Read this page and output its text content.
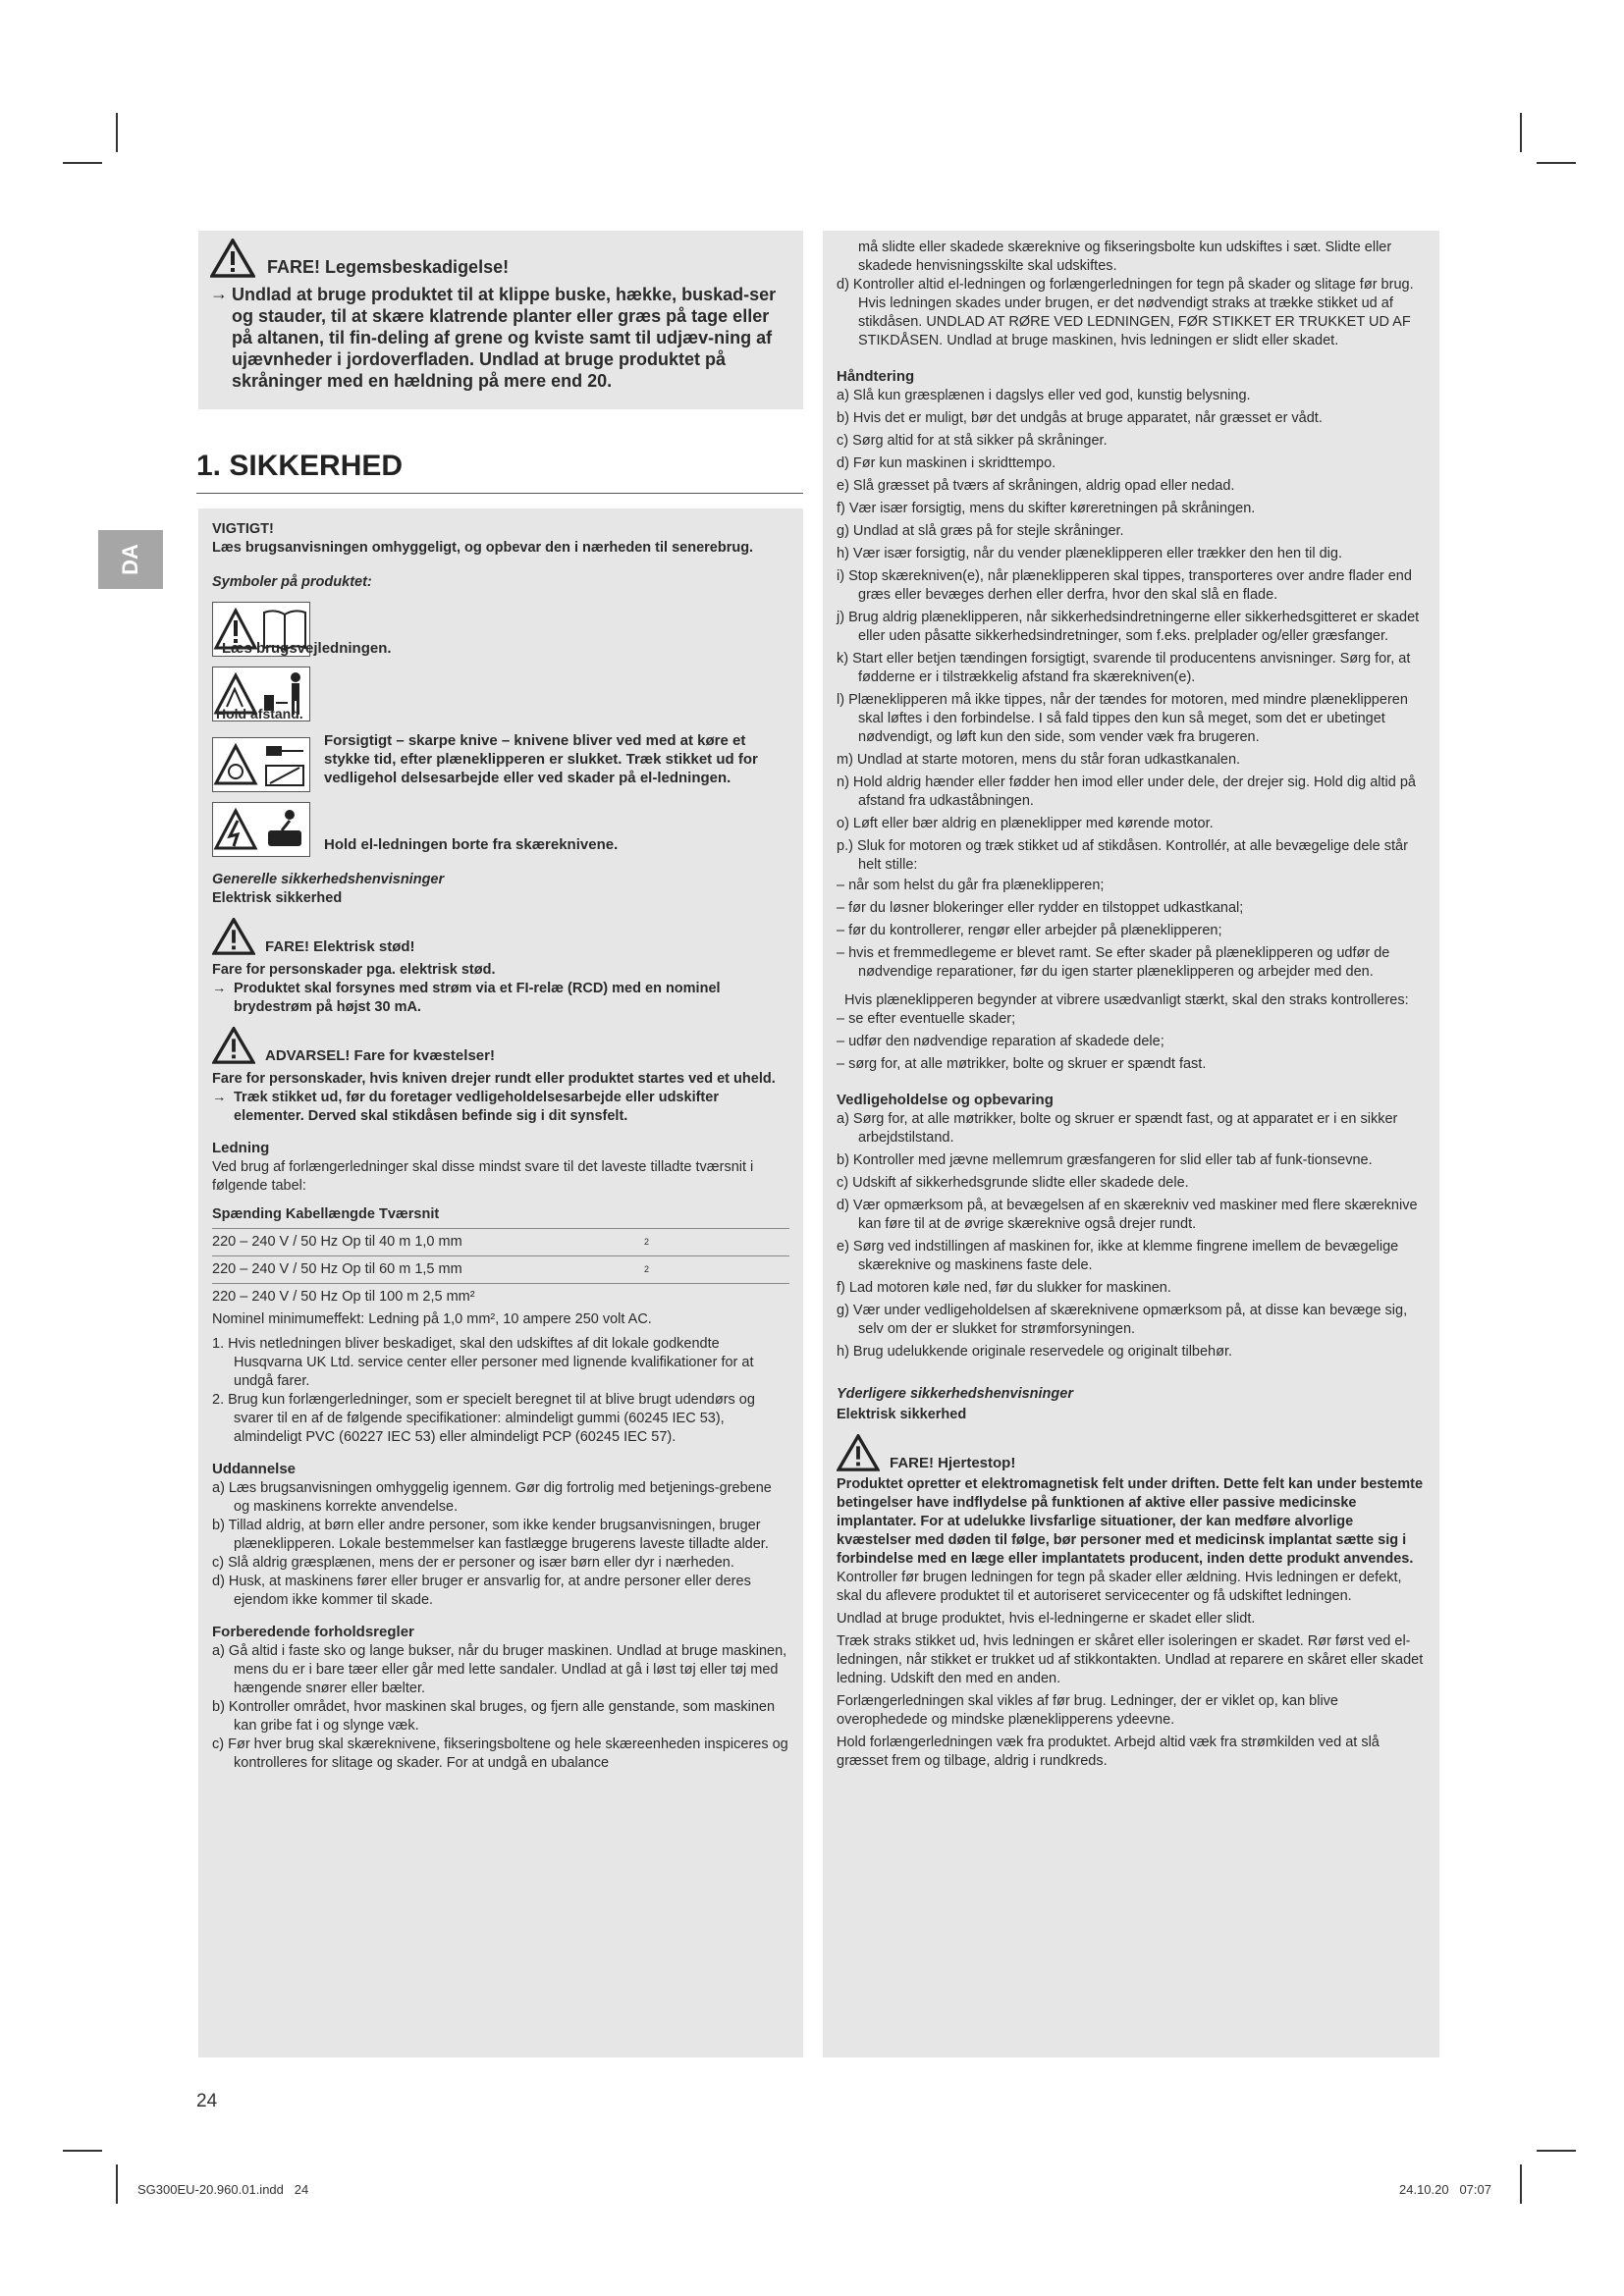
DA
FARE! Legemsbeskadigelse!
→ Undlad at bruge produktet til at klippe buske, hække, buskad-ser og stauder, til at skære klatrende planter eller græs på tage eller på altanen, til fin-deling af grene og kviste samt til udjæv-ning af ujævnheder i jordoverfladen. Undlad at bruge produktet på skråninger med en hældning på mere end 20.
1. SIKKERHED

VIGTIGT!

Læs brugsanvisningen omhyggeligt, og opbevar den i nærheden til senerebrug.

Symboler på produktet:

Læs brugsvejledningen.
Hold afstand.
Forsigtigt – skarpe knive – knivene bliver ved med at køre et stykke tid, efter plæneklipperen er slukket. Træk stikket ud for vedligehol delsesarbejde eller ved skader på el-ledningen.
Hold el-ledningen borte fra skæreknivene.

Generelle sikkerhedshenvisninger

Elektrisk sikkerhed

FARE! Elektrisk stød!

Fare for personskader pga. elektrisk stød.

→ Produktet skal forsynes med strøm via et FI-relæ (RCD) med en nominel brydestrøm på højst 30 mA.
ADVARSEL! Fare for kvæstelser!

Fare for personskader, hvis kniven drejer rundt eller produktet startes ved et uheld.

→ Træk stikket ud, før du foretager vedligeholdelsesarbejde eller udskifter elementer. Derved skal stikdåsen befinde sig i dit synsfelt.

Ledning

Ved brug af forlængerledninger skal disse mindst svare til det laveste tilladte tværsnit i følgende tabel:

Spænding Kabellængde Tværsnit

220 – 240 V / 50 Hz Op til 40 m 1,0 mm	2
220 – 240 V / 50 Hz Op til 60 m 1,5 mm	2

220 – 240 V / 50 Hz Op til 100 m 2,5 mm²

Nominel minimumeffekt: Ledning på 1,0 mm², 10 ampere 250 volt AC.

1. Hvis netledningen bliver beskadiget, skal den udskiftes af dit lokale godkendte Husqvarna UK Ltd. service center eller personer med lignende kvalifikationer for at undgå farer.

2. Brug kun forlængerledninger, som er specielt beregnet til at blive brugt udendørs og svarer til en af de følgende specifikationer: almindeligt gummi (60245 IEC 53), almindeligt PVC (60227 IEC 53) eller almindeligt PCP (60245 IEC 57).

Uddannelse

a) Læs brugsanvisningen omhyggelig igennem. Gør dig fortrolig med betjenings-grebene og maskinens korrekte anvendelse.

b) Tillad aldrig, at børn eller andre personer, som ikke kender brugsanvisningen, bruger plæneklipperen. Lokale bestemmelser kan fastlægge brugerens laveste tilladte alder.

c) Slå aldrig græsplænen, mens der er personer og især børn eller dyr i nærheden.

d) Husk, at maskinens fører eller bruger er ansvarlig for, at andre personer eller deres ejendom ikke kommer til skade.

Forberedende forholdsregler

a) Gå altid i faste sko og lange bukser, når du bruger maskinen. Undlad at bruge maskinen, mens du er i bare tæer eller går med lette sandaler. Undlad at gå i løst tøj eller tøj med hængende snører eller bælter.

b) Kontroller området, hvor maskinen skal bruges, og fjern alle genstande, som maskinen kan gribe fat i og slynge væk.

c) Før hver brug skal skæreknivene, fikseringsboltene og hele skæreenheden inspiceres og kontrolleres for slitage og skader. For at undgå en ubalance

må slidte eller skadede skæreknive og fikseringsbolte kun udskiftes i sæt. Slidte eller skadede henvisningsskilte skal udskiftes.

d) Kontroller altid el-ledningen og forlængerledningen for tegn på skader og slitage før brug. Hvis ledningen skades under brugen, er det nødvendigt straks at trække stikket ud af stikdåsen. UNDLAD AT RØRE VED LEDNINGEN, FØR STIKKET ER TRUKKET UD AF STIKDÅSEN. Undlad at bruge maskinen, hvis ledningen er slidt eller skadet.

Håndtering

a) Slå kun græsplænen i dagslys eller ved god, kunstig belysning.

b) Hvis det er muligt, bør det undgås at bruge apparatet, når græsset er vådt.

c) Sørg altid for at stå sikker på skråninger.

d) Før kun maskinen i skridttempo.

e) Slå græsset på tværs af skråningen, aldrig opad eller nedad.

f) Vær især forsigtig, mens du skifter køreretningen på skråningen.

g) Undlad at slå græs på for stejle skråninger.

h) Vær især forsigtig, når du vender plæneklipperen eller trækker den hen til dig.

i) Stop skærekniven(e), når plæneklipperen skal tippes, transporteres over andre flader end græs eller bevæges derhen eller derfra, hvor den skal slå en flade.

j) Brug aldrig plæneklipperen, når sikkerhedsindretningerne eller sikkerhedsgitteret er skadet eller uden påsatte sikkerhedsindretninger, som f.eks. prelplader og/eller græsfanger.

k) Start eller betjen tændingen forsigtigt, svarende til producentens anvisninger. Sørg for, at fødderne er i tilstrækkelig afstand fra skærekniven(e).

l) Plæneklipperen må ikke tippes, når der tændes for motoren, med mindre plæneklipperen skal løftes i den forbindelse. I så fald tippes den kun så meget, som det er ubetinget nødvendigt, og løft kun den side, som vender væk fra brugeren.

m) Undlad at starte motoren, mens du står foran udkastkanalen.

n) Hold aldrig hænder eller fødder hen imod eller under dele, der drejer sig. Hold dig altid på afstand fra udkaståbningen.

o) Løft eller bær aldrig en plæneklipper med kørende motor.

p.) Sluk for motoren og træk stikket ud af stikdåsen. Kontrollér, at alle bevægelige dele står helt stille:

– når som helst du går fra plæneklipperen;

– før du løsner blokeringer eller rydder en tilstoppet udkastkanal;

– før du kontrollerer, rengør eller arbejder på plæneklipperen;

– hvis et fremmedlegeme er blevet ramt. Se efter skader på plæneklipperen og udfør de nødvendige reparationer, før du igen starter plæneklipperen og arbejder med den.

Hvis plæneklipperen begynder at vibrere usædvanligt stærkt, skal den straks kontrolleres:

– se efter eventuelle skader;

– udfør den nødvendige reparation af skadede dele;

– sørg for, at alle møtrikker, bolte og skruer er spændt fast.

Vedligeholdelse og opbevaring

a) Sørg for, at alle møtrikker, bolte og skruer er spændt fast, og at apparatet er i en sikker arbejdstilstand.

b) Kontroller med jævne mellemrum græsfangeren for slid eller tab af funk-tionsevne.

c) Udskift af sikkerhedsgrunde slidte eller skadede dele.

d) Vær opmærksom på, at bevægelsen af en skærekniv ved maskiner med flere skæreknive kan føre til at de øvrige skæreknive også drejer rundt.

e) Sørg ved indstillingen af maskinen for, ikke at klemme fingrene imellem de bevægelige skæreknive og maskinens faste dele.

f) Lad motoren køle ned, før du slukker for maskinen.

g) Vær under vedligeholdelsen af skæreknivene opmærksom på, at disse kan bevæge sig, selv om der er slukket for strømforsyningen.

h) Brug udelukkende originale reservedele og originalt tilbehør.

Yderligere sikkerhedshenvisninger

Elektrisk sikkerhed

FARE! Hjertestop!

Produktet opretter et elektromagnetisk felt under driften. Dette felt kan under bestemte betingelser have indflydelse på funktionen af aktive eller passive medicinske implantater. For at udelukke livsfarlige situationer, der kan medføre alvorlige kvæstelser med døden til følge, bør personer med et medicinsk implantat sætte sig i forbindelse med en læge eller implantatets producent, inden dette produkt anvendes.

Kontroller før brugen ledningen for tegn på skader eller ældning. Hvis ledningen er defekt, skal du aflevere produktet til et autoriseret servicecenter og få udskiftet ledningen.

Undlad at bruge produktet, hvis el-ledningerne er skadet eller slidt.

Træk straks stikket ud, hvis ledningen er skåret eller isoleringen er skadet. Rør først ved el-ledningen, når stikket er trukket ud af stikkontakten. Undlad at reparere en skåret eller skadet ledning. Udskift den med en anden.

Forlængerledningen skal vikles af før brug. Ledninger, der er viklet op, kan blive overophedede og mindske plæneklipperens ydeevne.

Hold forlængerledningen væk fra produktet. Arbejd altid væk fra strømkilden ved at slå græsset frem og tilbage, aldrig i rundkreds.

24
SG300EU-20.960.01.indd   24	24.10.20   07:07
